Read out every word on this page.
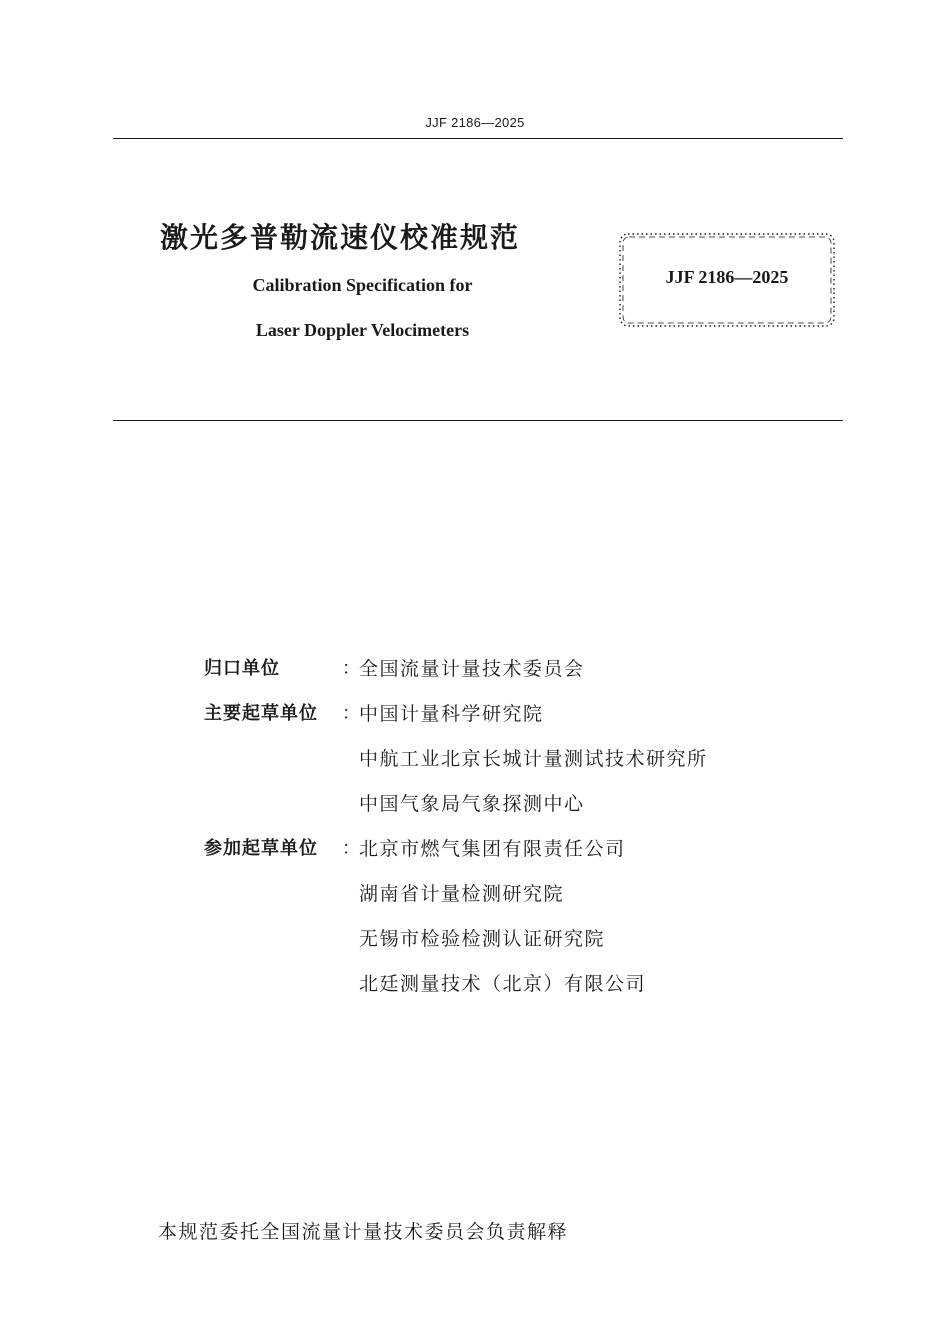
JJF 2186—2025
激光多普勒流速仪校准规范
Calibration Specification for
Laser Doppler Velocimeters
JJF 2186—2025
归口单位	： 全国流量计量技术委员会
主要起草单位 ： 中国计量科学研究院
中航工业北京长城计量测试技术研究所
中国气象局气象探测中心
参加起草单位 ： 北京市燃气集团有限责任公司
湖南省计量检测研究院
无锡市检验检测认证研究院
北廷测量技术（北京）有限公司
本规范委托全国流量计量技术委员会负责解释
